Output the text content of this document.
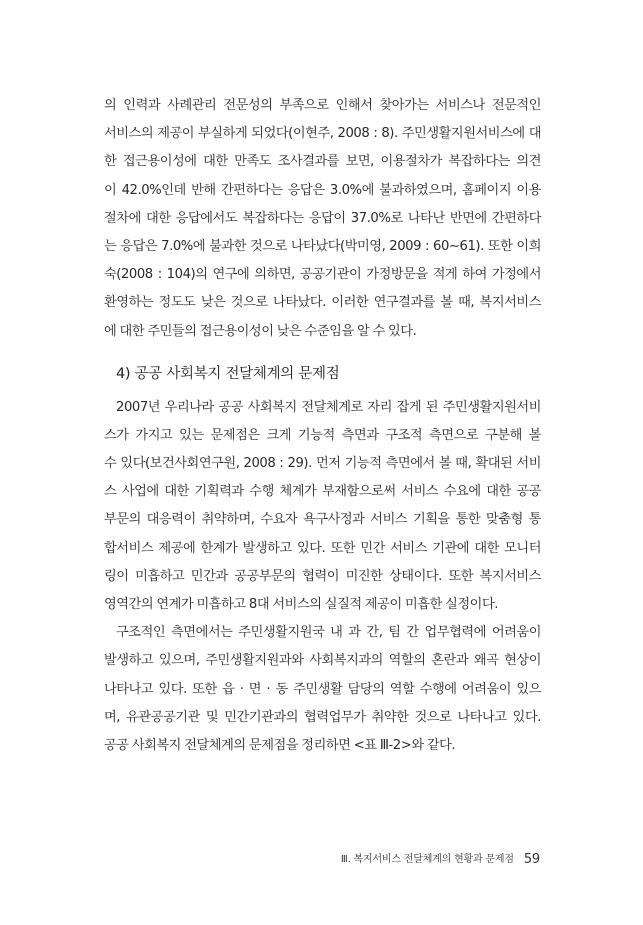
의 인력과 사례관리 전문성의 부족으로 인해서 찾아가는 서비스나 전문적인
서비스의 제공이 부실하게 되었다(이현주, 2008 : 8). 주민생활지원서비스에 대
한 접근용이성에 대한 만족도 조사결과를 보면, 이용절차가 복잡하다는 의견
이 42.0%인데 반해 간편하다는 응답은 3.0%에 불과하였으며, 홈페이지 이용
절차에 대한 응답에서도 복잡하다는 응답이 37.0%로 나타난 반면에 간편하다
는 응답은 7.0%에 불과한 것으로 나타났다(박미영, 2009 : 60∼61). 또한 이희
숙(2008 : 104)의 연구에 의하면, 공공기관이 가정방문을 적게 하여 가정에서
환영하는 정도도 낮은 것으로 나타났다. 이러한 연구결과를 볼 때, 복지서비스
에 대한 주민들의 접근용이성이 낮은 수준임을 알 수 있다.
4) 공공 사회복지 전달체계의 문제점
2007년 우리나라 공공 사회복지 전달체계로 자리 잡게 된 주민생활지원서비
스가 가지고 있는 문제점은 크게 기능적 측면과 구조적 측면으로 구분해 볼
수 있다(보건사회연구원, 2008 : 29). 먼저 기능적 측면에서 볼 때, 확대된 서비
스 사업에 대한 기획력과 수행 체계가 부재함으로써 서비스 수요에 대한 공공
부문의 대응력이 취약하며, 수요자 욕구사정과 서비스 기획을 통한 맞춤형 통
합서비스 제공에 한계가 발생하고 있다. 또한 민간 서비스 기관에 대한 모니터
링이 미흡하고 민간과 공공부문의 협력이 미진한 상태이다. 또한 복지서비스
영역간의 연계가 미흡하고 8대 서비스의 실질적 제공이 미흡한 실정이다.
구조적인 측면에서는 주민생활지원국 내 과 간, 팀 간 업무협력에 어려움이
발생하고 있으며, 주민생활지원과와 사회복지과의 역할의 혼란과 왜곡 현상이
나타나고 있다. 또한 읍 · 면 · 동 주민생활 담당의 역할 수행에 어려움이 있으
며, 유관공공기관 및 민간기관과의 협력업무가 취약한 것으로 나타나고 있다.
공공 사회복지 전달체계의 문제점을 정리하면 <표 Ⅲ-2>와 같다.
Ⅲ. 복지서비스 전달체계의 현황과 문제점 59
